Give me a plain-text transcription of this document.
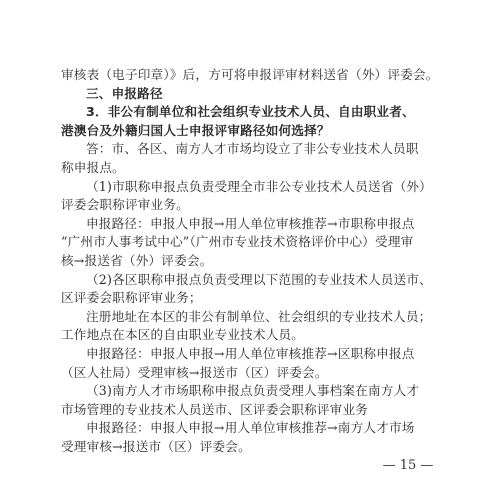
审核表（电子印章）》后，方可将申报评审材料送省（外）评委会。
三、申报路径
3．非公有制单位和社会组织专业技术人员、自由职业者、
港澳台及外籍归国人士申报评审路径如何选择？
答：市、各区、南方人才市场均设立了非公专业技术人员职
称申报点。
（1)市职称申报点负责受理全市非公专业技术人员送省（外）
评委会职称评审业务。
申报路径：申报人申报→用人单位审核推荐→市职称申报点
“广州市人事考试中心”（广州市专业技术资格评价中心）受理审
核→报送省（外）评委会。
（2)各区职称申报点负责受理以下范围的专业技术人员送市、
区评委会职称评审业务；
注册地址在本区的非公有制单位、社会组织的专业技术人员；
工作地点在本区的自由职业专业技术人员。
申报路径：申报人申报→用人单位审核推荐→区职称申报点
（区人社局）受理审核→报送市（区）评委会。
（3)南方人才市场职称申报点负责受理人事档案在南方人才
市场管理的专业技术人员送市、区评委会职称评审业务
申报路径：申报人申报→用人单位审核推荐→南方人才市场
受理审核→报送市（区）评委会。
— 15 —
